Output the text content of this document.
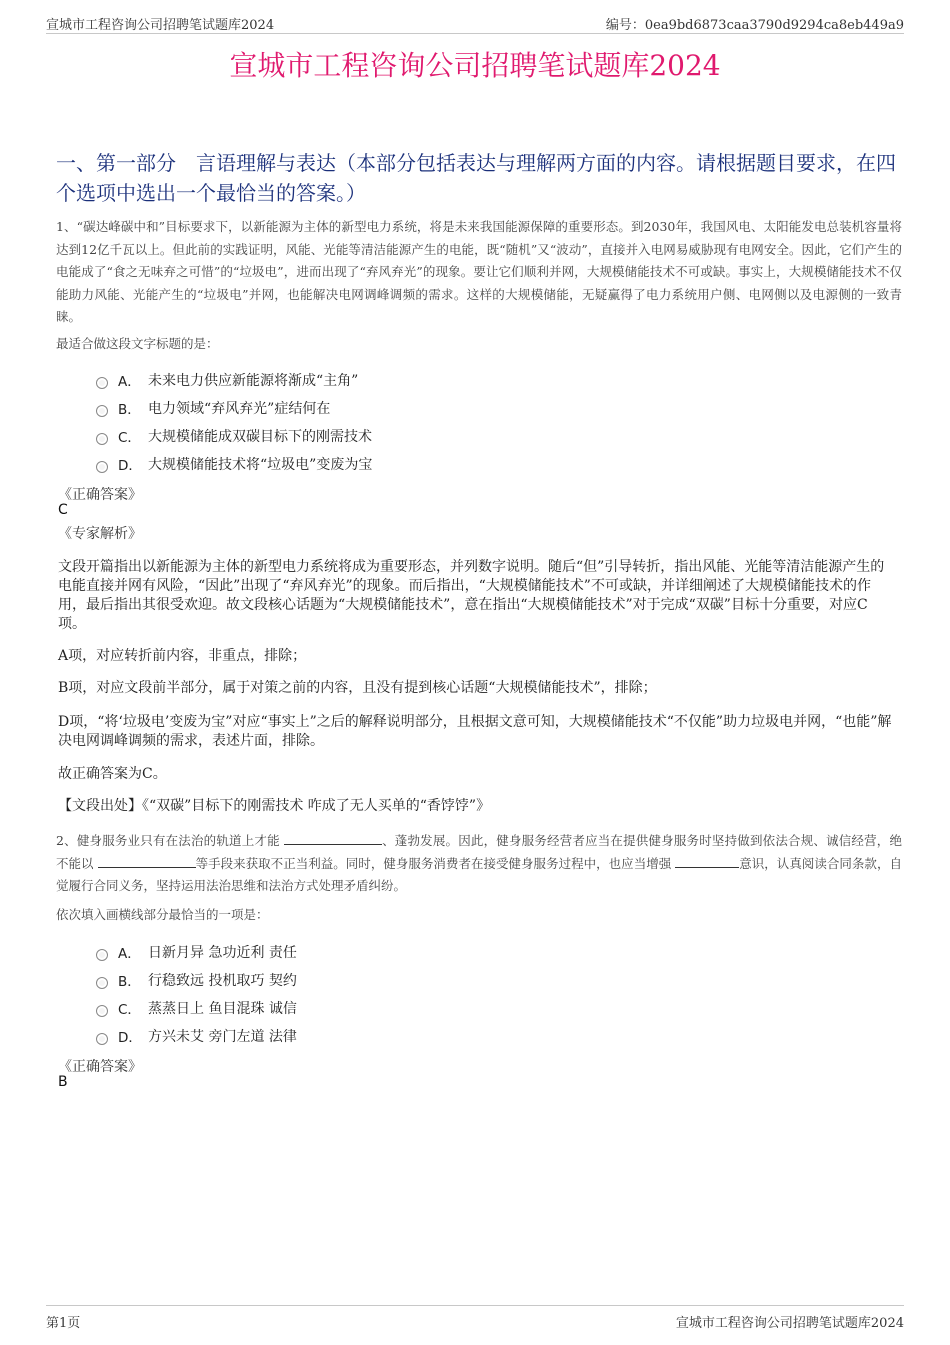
宣城市工程咨询公司招聘笔试题库2024	编号：0ea9bd6873caa3790d9294ca8eb449a9
宣城市工程咨询公司招聘笔试题库2024
一、第一部分　言语理解与表达（本部分包括表达与理解两方面的内容。请根据题目要求，在四个选项中选出一个最恰当的答案。）
1、“碳达峰碳中和”目标要求下，以新能源为主体的新型电力系统，将是未来我国能源保障的重要形态。到2030年，我国风电、太阳能发电总装机容量将达到12亿千瓦以上。但此前的实践证明，风能、光能等清洁能源产生的电能，既“随机”又“波动”，直接并入电网易威胁现有电网安全。因此，它们产生的电能成了“食之无味弃之可惜”的“垃圾电”，进而出现了“弃风弃光”的现象。要让它们顺利并网，大规模储能技术不可或缺。事实上，大规模储能技术不仅能助力风能、光能产生的“垃圾电”并网，也能解决电网调峰调频的需求。这样的大规模储能，无疑赢得了电力系统用户侧、电网侧以及电源侧的一致青睐。
最适合做这段文字标题的是：
A． 未来电力供应新能源将渐成“主角”
B． 电力领域“弃风弃光”症结何在
C． 大规模储能成双碳目标下的刚需技术
D． 大规模储能技术将“垃圾电”变废为宝
《正确答案》
C
《专家解析》
文段开篇指出以新能源为主体的新型电力系统将成为重要形态，并列数字说明。随后“但”引导转折，指出风能、光能等清洁能源产生的电能直接并网有风险，“因此”出现了“弃风弃光”的现象。而后指出，“大规模储能技术”不可或缺，并详细阐述了大规模储能技术的作用，最后指出其很受欢迎。故文段核心话题为“大规模储能技术”，意在指出“大规模储能技术”对于完成“双碳”目标十分重要，对应C项。
A项，对应转折前内容，非重点，排除；
B项，对应文段前半部分，属于对策之前的内容，且没有提到核心话题“大规模储能技术”，排除；
D项，“将‘垃圾电’变废为宝”对应“事实上”之后的解释说明部分，且根据文意可知，大规模储能技术“不仅能”助力垃圾电并网，“也能”解决电网调峰调频的需求，表述片面，排除。
故正确答案为C。
【文段出处】《“双碳”目标下的刚需技术 咋成了无人买单的“香饽饽”》
2、健身服务业只有在法治的轨道上才能	、蓬勃发展。因此，健身服务经营者应当在提供健身服务时坚持做到依法合规、诚信经营，绝不能以	等手段来获取不正当利益。同时，健身服务消费者在接受健身服务过程中，也应当增强	意识，认真阅读合同条款，自觉履行合同义务，坚持运用法治思维和法治方式处理矛盾纠纷。
依次填入画横线部分最恰当的一项是：
A． 日新月异 急功近利 责任
B． 行稳致远 投机取巧 契约
C． 蒸蒸日上 鱼目混珠 诚信
D． 方兴未艾 旁门左道 法律
《正确答案》
B
第1页	宣城市工程咨询公司招聘笔试题库2024
